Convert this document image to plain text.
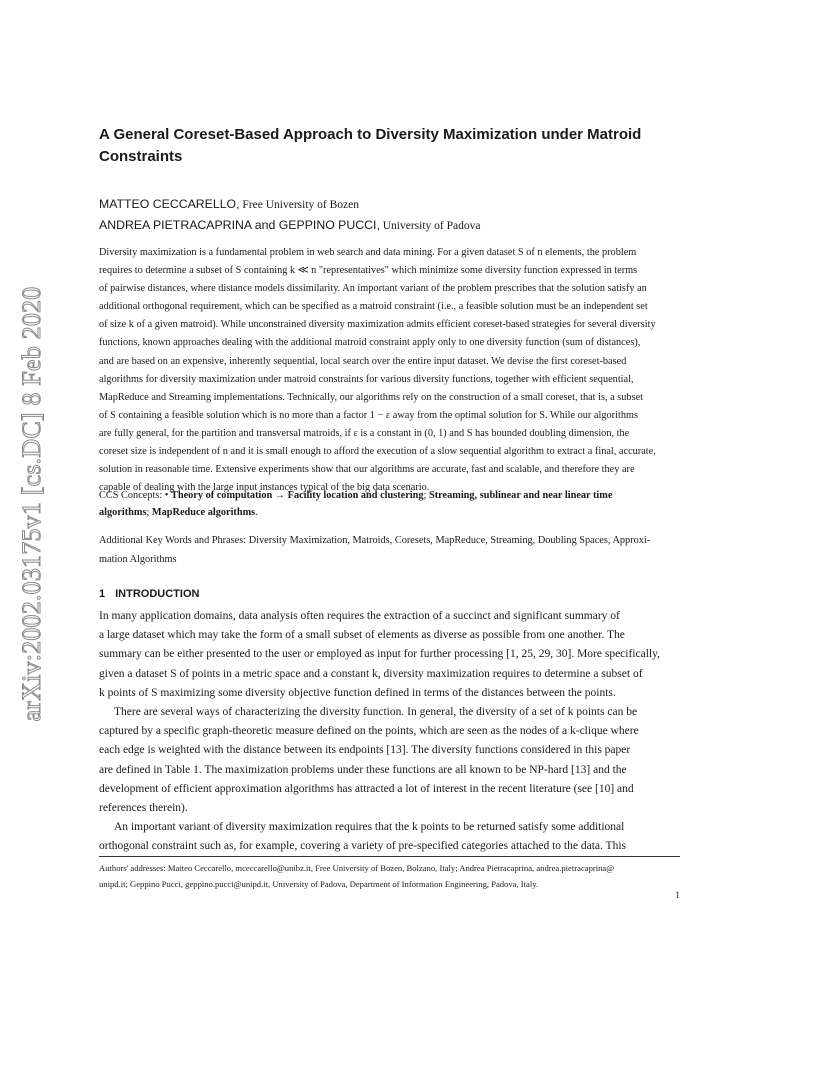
arXiv:2002.03175v1 [cs.DC] 8 Feb 2020
A General Coreset-Based Approach to Diversity Maximization under Matroid
Constraints
MATTEO CECCARELLO, Free University of Bozen
ANDREA PIETRACAPRINA and GEPPINO PUCCI, University of Padova
Diversity maximization is a fundamental problem in web search and data mining. For a given dataset S of n elements, the problem
requires to determine a subset of S containing k ≪ n "representatives" which minimize some diversity function expressed in terms
of pairwise distances, where distance models dissimilarity. An important variant of the problem prescribes that the solution satisfy an
additional orthogonal requirement, which can be specified as a matroid constraint (i.e., a feasible solution must be an independent set
of size k of a given matroid). While unconstrained diversity maximization admits efficient coreset-based strategies for several diversity
functions, known approaches dealing with the additional matroid constraint apply only to one diversity function (sum of distances),
and are based on an expensive, inherently sequential, local search over the entire input dataset. We devise the first coreset-based
algorithms for diversity maximization under matroid constraints for various diversity functions, together with efficient sequential,
MapReduce and Streaming implementations. Technically, our algorithms rely on the construction of a small coreset, that is, a subset
of S containing a feasible solution which is no more than a factor 1 − ε away from the optimal solution for S. While our algorithms
are fully general, for the partition and transversal matroids, if ε is a constant in (0, 1) and S has bounded doubling dimension, the
coreset size is independent of n and it is small enough to afford the execution of a slow sequential algorithm to extract a final, accurate,
solution in reasonable time. Extensive experiments show that our algorithms are accurate, fast and scalable, and therefore they are
capable of dealing with the large input instances typical of the big data scenario.
CCS Concepts: • Theory of computation → Facility location and clustering; Streaming, sublinear and near linear time
algorithms; MapReduce algorithms.
Additional Key Words and Phrases: Diversity Maximization, Matroids, Coresets, MapReduce, Streaming, Doubling Spaces, Approxi-
mation Algorithms
1 INTRODUCTION
In many application domains, data analysis often requires the extraction of a succinct and significant summary of
a large dataset which may take the form of a small subset of elements as diverse as possible from one another. The
summary can be either presented to the user or employed as input for further processing [1, 25, 29, 30]. More specifically,
given a dataset S of points in a metric space and a constant k, diversity maximization requires to determine a subset of
k points of S maximizing some diversity objective function defined in terms of the distances between the points.
There are several ways of characterizing the diversity function. In general, the diversity of a set of k points can be
captured by a specific graph-theoretic measure defined on the points, which are seen as the nodes of a k-clique where
each edge is weighted with the distance between its endpoints [13]. The diversity functions considered in this paper
are defined in Table 1. The maximization problems under these functions are all known to be NP-hard [13] and the
development of efficient approximation algorithms has attracted a lot of interest in the recent literature (see [10] and
references therein).
An important variant of diversity maximization requires that the k points to be returned satisfy some additional
orthogonal constraint such as, for example, covering a variety of pre-specified categories attached to the data. This
Authors' addresses: Matteo Ceccarello, mceccarello@unibz.it, Free University of Bozen, Bolzano, Italy; Andrea Pietracaprina, andrea.pietracaprina@
unipd.it; Geppino Pucci, geppino.pucci@unipd.it, University of Padova, Department of Information Engineering, Padova, Italy.
1
